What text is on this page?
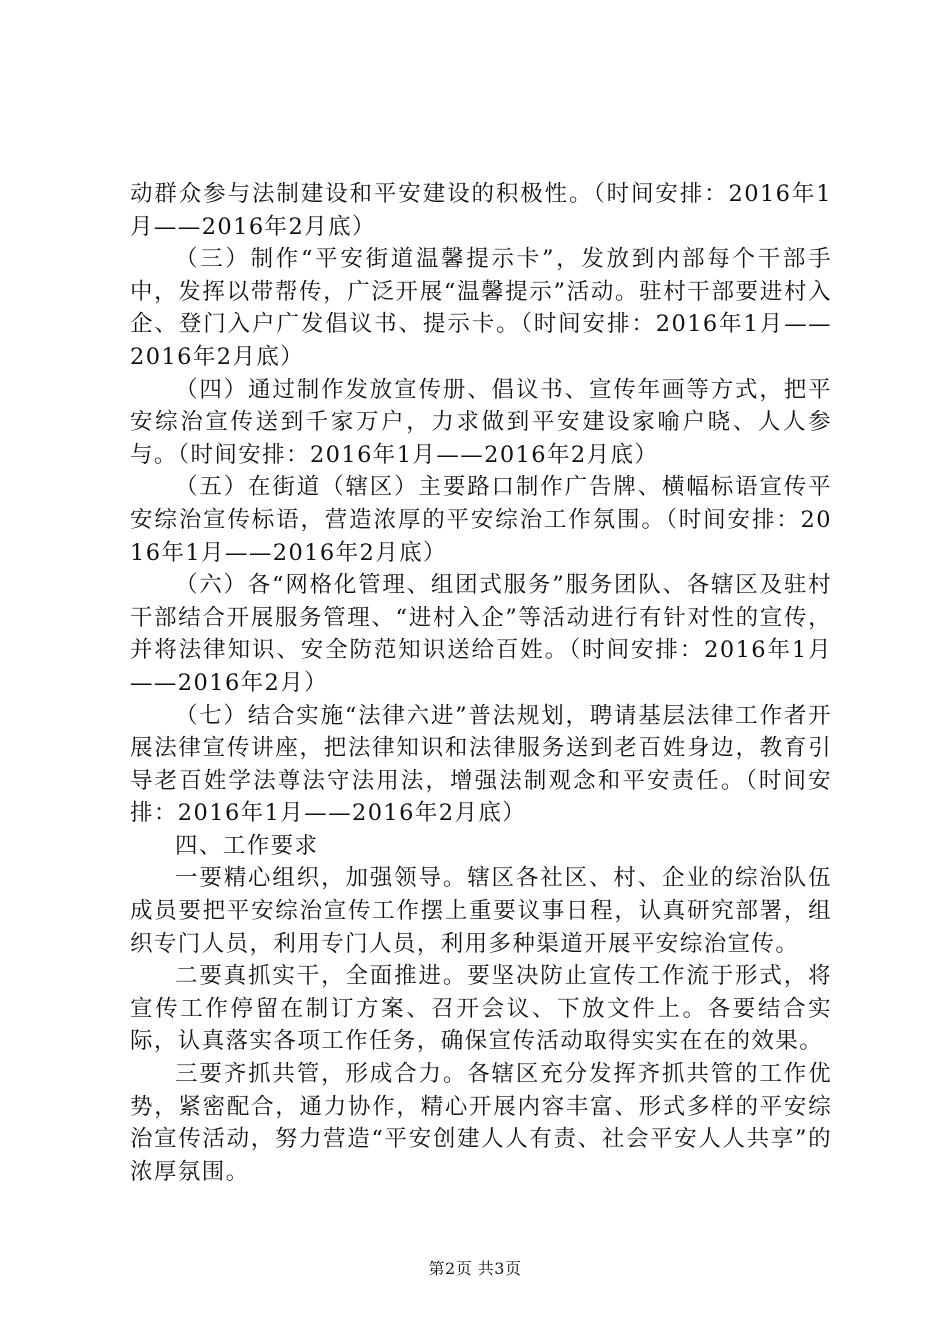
动群众参与法制建设和平安建设的积极性。（时间安排：2016年1月——2016年2月底）

（三）制作“平安街道温馨提示卡”，发放到内部每个干部手中，发挥以带帮传，广泛开展“温馨提示”活动。驻村干部要进村入企、登门入户广发倡议书、提示卡。（时间安排：2016年1月——2016年2月底）

（四）通过制作发放宣传册、倡议书、宣传年画等方式，把平安综治宣传送到千家万户，力求做到平安建设家喻户晓、人人参与。（时间安排：2016年1月——2016年2月底）

（五）在街道（辖区）主要路口制作广告牌、横幅标语宣传平安综治宣传标语，营造浓厚的平安综治工作氛围。（时间安排：2016年1月——2016年2月底）

（六）各“网格化管理、组团式服务”服务团队、各辖区及驻村干部结合开展服务管理、“进村入企”等活动进行有针对性的宣传，并将法律知识、安全防范知识送给百姓。（时间安排：2016年1月——2016年2月）

（七）结合实施“法律六进”普法规划，聘请基层法律工作者开展法律宣传讲座，把法律知识和法律服务送到老百姓身边，教育引导老百姓学法尊法守法用法，增强法制观念和平安责任。（时间安排：2016年1月——2016年2月底）

四、工作要求

一要精心组织，加强领导。辖区各社区、村、企业的综治队伍成员要把平安综治宣传工作摆上重要议事日程，认真研究部署，组织专门人员，利用专门人员，利用多种渠道开展平安综治宣传。

二要真抓实干，全面推进。要坚决防止宣传工作流于形式，将宣传工作停留在制订方案、召开会议、下放文件上。各要结合实际，认真落实各项工作任务，确保宣传活动取得实实在在的效果。

三要齐抓共管，形成合力。各辖区充分发挥齐抓共管的工作优势，紧密配合，通力协作，精心开展内容丰富、形式多样的平安综治宣传活动，努力营造“平安创建人人有责、社会平安人人共享”的浓厚氛围。

第2页 共3页
